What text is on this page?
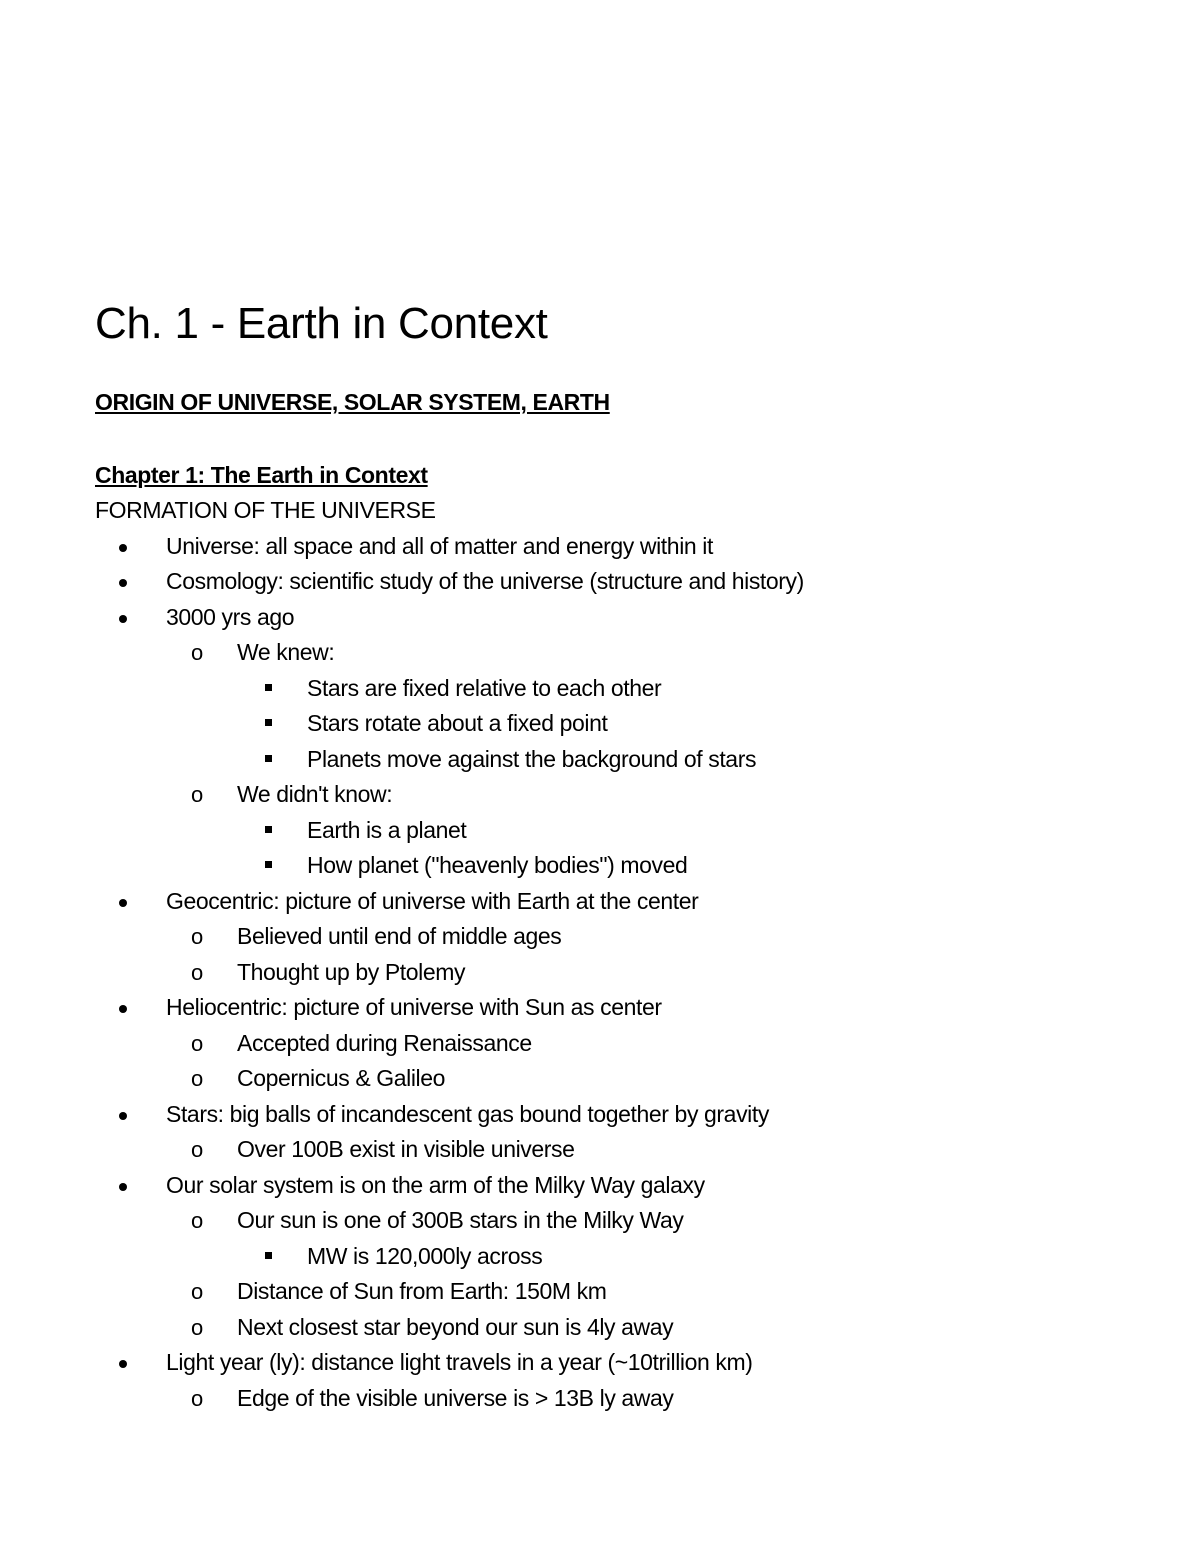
Ch. 1 - Earth in Context
ORIGIN OF UNIVERSE, SOLAR SYSTEM, EARTH
Chapter 1: The Earth in Context
FORMATION OF THE UNIVERSE
Universe: all space and all of matter and energy within it
Cosmology: scientific study of the universe (structure and history)
3000 yrs ago
o We knew:
Stars are fixed relative to each other
Stars rotate about a fixed point
Planets move against the background of stars
o We didn't know:
Earth is a planet
How planet ("heavenly bodies") moved
Geocentric: picture of universe with Earth at the center
o Believed until end of middle ages
o Thought up by Ptolemy
Heliocentric: picture of universe with Sun as center
o Accepted during Renaissance
o Copernicus & Galileo
Stars: big balls of incandescent gas bound together by gravity
o Over 100B exist in visible universe
Our solar system is on the arm of the Milky Way galaxy
o Our sun is one of 300B stars in the Milky Way
MW is 120,000ly across
o Distance of Sun from Earth: 150M km
o Next closest star beyond our sun is 4ly away
Light year (ly): distance light travels in a year (~10trillion km)
o Edge of the visible universe is > 13B ly away
